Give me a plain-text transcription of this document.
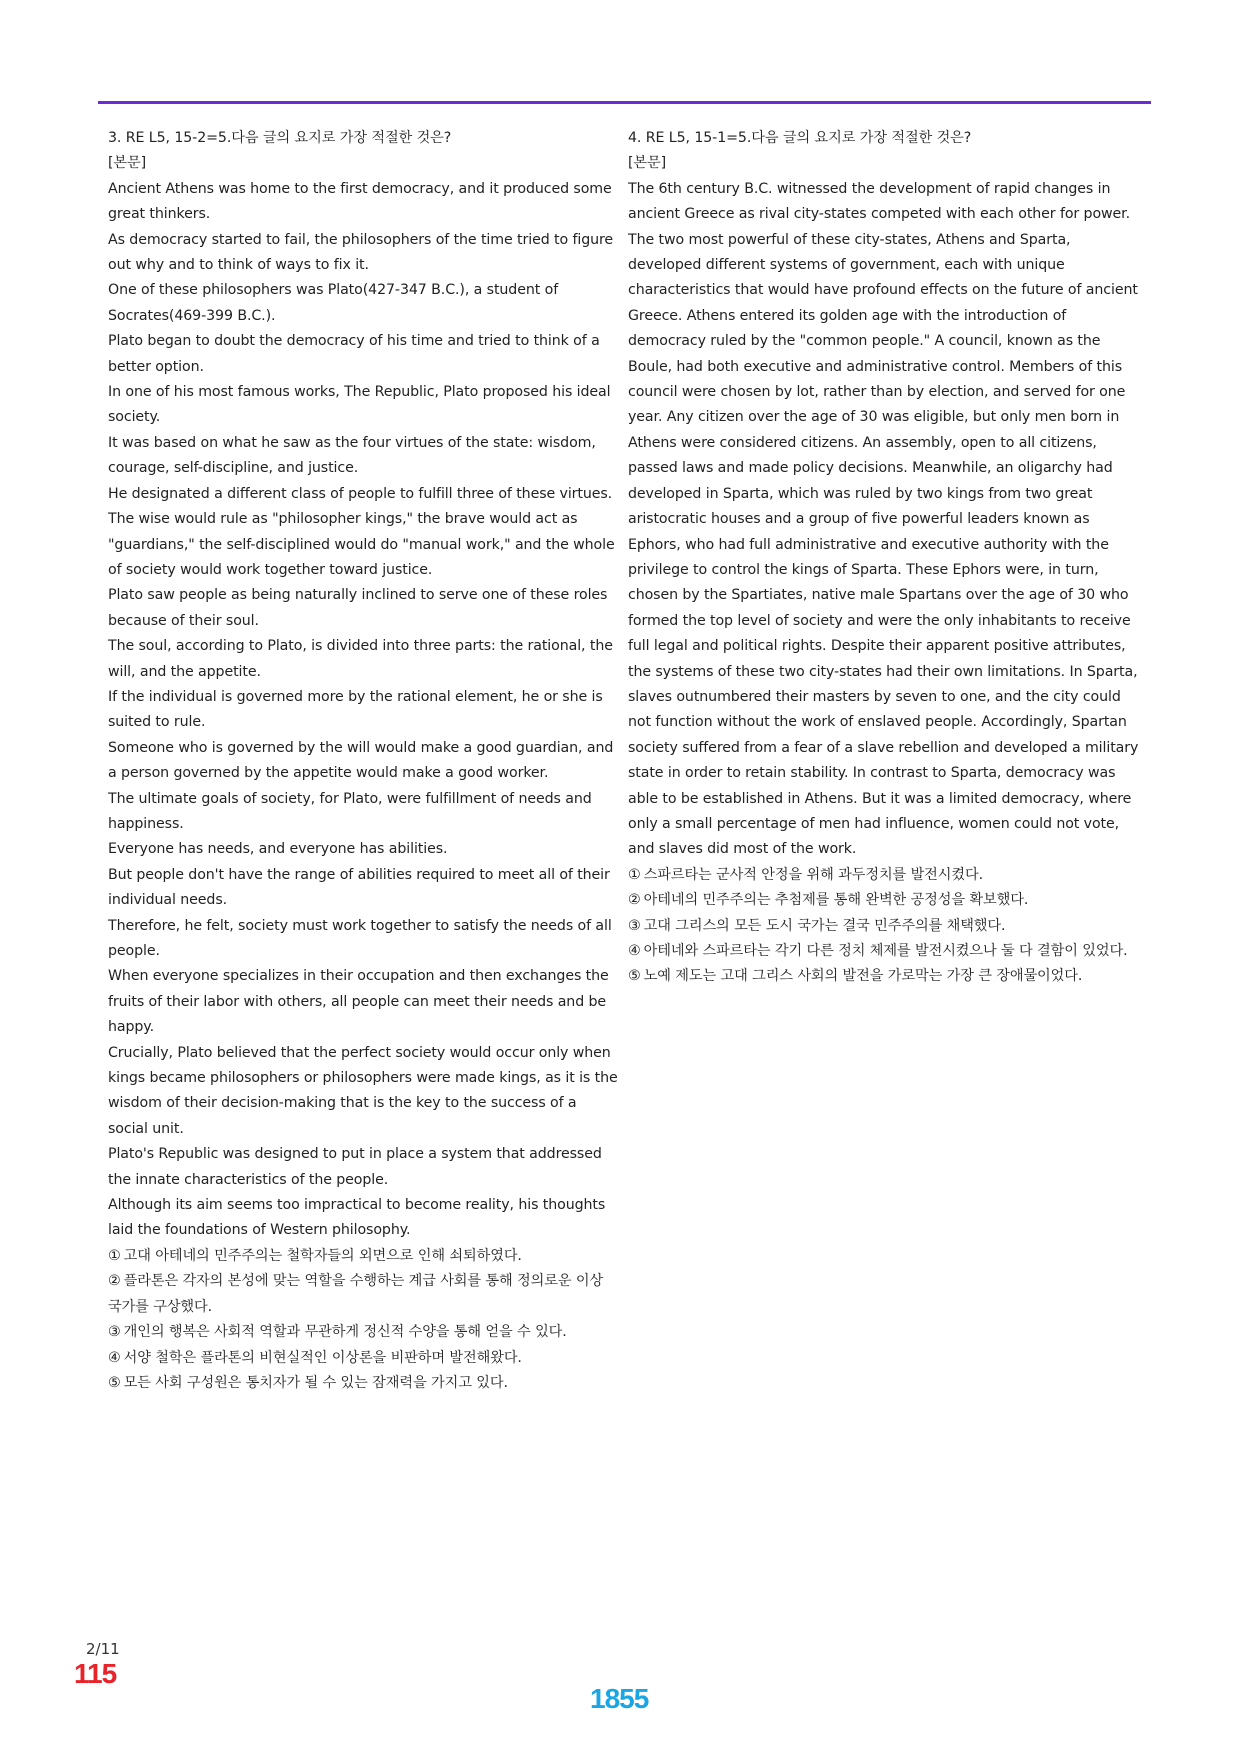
3. RE L5, 15-2=5.다음 글의 요지로 가장 적절한 것은?

[본문]

Ancient Athens was home to the first democracy, and it produced some great thinkers.

As democracy started to fail, the philosophers of the time tried to figure out why and to think of ways to fix it.

One of these philosophers was Plato(427-347 B.C.), a student of Socrates(469-399 B.C.).

Plato began to doubt the democracy of his time and tried to think of a better option.

In one of his most famous works, The Republic, Plato proposed his ideal society.

It was based on what he saw as the four virtues of the state: wisdom, courage, self-discipline, and justice.

He designated a different class of people to fulfill three of these virtues.

The wise would rule as "philosopher kings," the brave would act as "guardians," the self-disciplined would do "manual work," and the whole of society would work together toward justice.

Plato saw people as being naturally inclined to serve one of these roles because of their soul.

The soul, according to Plato, is divided into three parts: the rational, the will, and the appetite.

If the individual is governed more by the rational element, he or she is suited to rule.

Someone who is governed by the will would make a good guardian, and a person governed by the appetite would make a good worker.

The ultimate goals of society, for Plato, were fulfillment of needs and happiness.

Everyone has needs, and everyone has abilities.

But people don't have the range of abilities required to meet all of their individual needs.

Therefore, he felt, society must work together to satisfy the needs of all people.

When everyone specializes in their occupation and then exchanges the fruits of their labor with others, all people can meet their needs and be happy.

Crucially, Plato believed that the perfect society would occur only when kings became philosophers or philosophers were made kings, as it is the wisdom of their decision-making that is the key to the success of a social unit.

Plato's Republic was designed to put in place a system that addressed the innate characteristics of the people.

Although its aim seems too impractical to become reality, his thoughts laid the foundations of Western philosophy.

① 고대 아테네의 민주주의는 철학자들의 외면으로 인해 쇠퇴하였다.
② 플라톤은 각자의 본성에 맞는 역할을 수행하는 계급 사회를 통해 정의로운 이상 국가를 구상했다.
③ 개인의 행복은 사회적 역할과 무관하게 정신적 수양을 통해 얻을 수 있다.
④ 서양 철학은 플라톤의 비현실적인 이상론을 비판하며 발전해왔다.
⑤ 모든 사회 구성원은 통치자가 될 수 있는 잠재력을 가지고 있다.

4. RE L5, 15-1=5.다음 글의 요지로 가장 적절한 것은?

[본문]

The 6th century B.C. witnessed the development of rapid changes in ancient Greece as rival city-states competed with each other for power. The two most powerful of these city-states, Athens and Sparta, developed different systems of government, each with unique characteristics that would have profound effects on the future of ancient Greece. Athens entered its golden age with the introduction of democracy ruled by the "common people." A council, known as the Boule, had both executive and administrative control. Members of this council were chosen by lot, rather than by election, and served for one year. Any citizen over the age of 30 was eligible, but only men born in Athens were considered citizens. An assembly, open to all citizens, passed laws and made policy decisions. Meanwhile, an oligarchy had developed in Sparta, which was ruled by two kings from two great aristocratic houses and a group of five powerful leaders known as Ephors, who had full administrative and executive authority with the privilege to control the kings of Sparta. These Ephors were, in turn, chosen by the Spartiates, native male Spartans over the age of 30 who formed the top level of society and were the only inhabitants to receive full legal and political rights. Despite their apparent positive attributes, the systems of these two city-states had their own limitations. In Sparta, slaves outnumbered their masters by seven to one, and the city could not function without the work of enslaved people. Accordingly, Spartan society suffered from a fear of a slave rebellion and developed a military state in order to retain stability. In contrast to Sparta, democracy was able to be established in Athens. But it was a limited democracy, where only a small percentage of men had influence, women could not vote, and slaves did most of the work.

① 스파르타는 군사적 안정을 위해 과두정치를 발전시켰다.
② 아테네의 민주주의는 추첨제를 통해 완벽한 공정성을 확보했다.
③ 고대 그리스의 모든 도시 국가는 결국 민주주의를 채택했다.
④ 아테네와 스파르타는 각기 다른 정치 체제를 발전시켰으나 둘 다 결함이 있었다.
⑤ 노예 제도는 고대 그리스 사회의 발전을 가로막는 가장 큰 장애물이었다.
2/11
115
1855
